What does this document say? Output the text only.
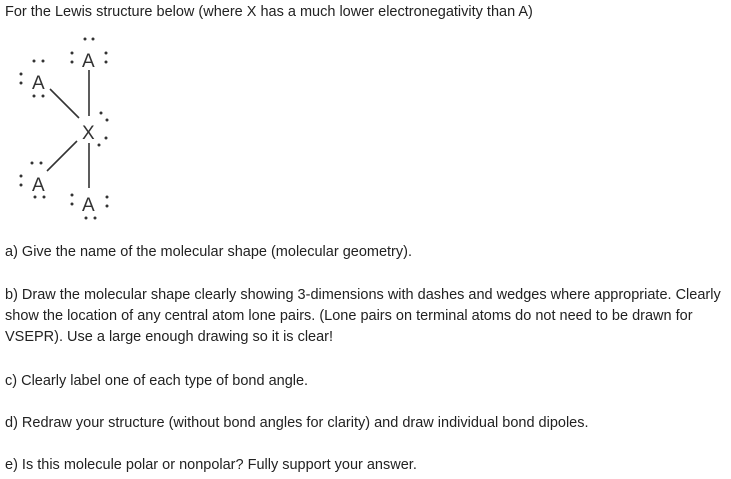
For the Lewis structure below (where X has a much lower electronegativity than A)
A
A
X
A
A
a) Give the name of the molecular shape (molecular geometry).
b) Draw the molecular shape clearly showing 3-dimensions with dashes and wedges where appropriate. Clearly show the location of any central atom lone pairs. (Lone pairs on terminal atoms do not need to be drawn for VSEPR). Use a large enough drawing so it is clear!
c) Clearly label one of each type of bond angle.
d) Redraw your structure (without bond angles for clarity) and draw individual bond dipoles.
e) Is this molecule polar or nonpolar? Fully support your answer.
